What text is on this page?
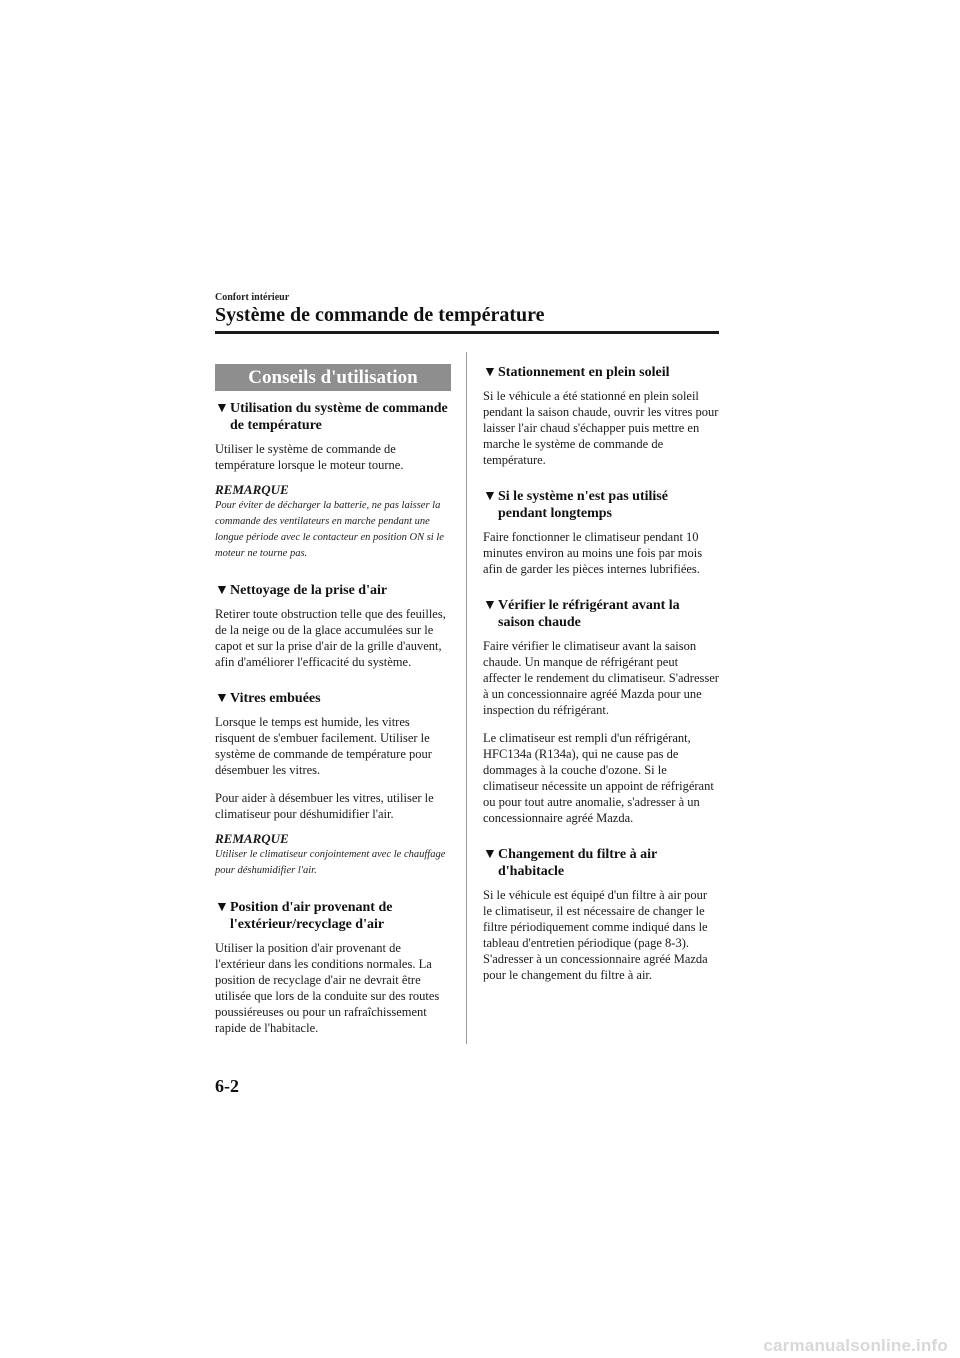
Confort intérieur
Système de commande de température
Conseils d'utilisation
▼ Utilisation du système de commande de température

Utiliser le système de commande de température lorsque le moteur tourne.

REMARQUE

Pour éviter de décharger la batterie, ne pas laisser la commande des ventilateurs en marche pendant une longue période avec le contacteur en position ON si le moteur ne tourne pas.

▼ Nettoyage de la prise d'air

Retirer toute obstruction telle que des feuilles, de la neige ou de la glace accumulées sur le capot et sur la prise d'air de la grille d'auvent, afin d'améliorer l'efficacité du système.

▼ Vitres embuées

Lorsque le temps est humide, les vitres risquent de s'embuer facilement. Utiliser le système de commande de température pour désembuer les vitres.

Pour aider à désembuer les vitres, utiliser le climatiseur pour déshumidifier l'air.

REMARQUE

Utiliser le climatiseur conjointement avec le chauffage pour déshumidifier l'air.

▼ Position d'air provenant de l'extérieur/recyclage d'air

Utiliser la position d'air provenant de l'extérieur dans les conditions normales. La position de recyclage d'air ne devrait être utilisée que lors de la conduite sur des routes poussiéreuses ou pour un rafraîchissement rapide de l'habitacle.

▼ Stationnement en plein soleil

Si le véhicule a été stationné en plein soleil pendant la saison chaude, ouvrir les vitres pour laisser l'air chaud s'échapper puis mettre en marche le système de commande de température.

▼ Si le système n'est pas utilisé pendant longtemps

Faire fonctionner le climatiseur pendant 10 minutes environ au moins une fois par mois afin de garder les pièces internes lubrifiées.

▼ Vérifier le réfrigérant avant la saison chaude

Faire vérifier le climatiseur avant la saison chaude. Un manque de réfrigérant peut affecter le rendement du climatiseur. S'adresser à un concessionnaire agréé Mazda pour une inspection du réfrigérant.

Le climatiseur est rempli d'un réfrigérant, HFC134a (R134a), qui ne cause pas de dommages à la couche d'ozone. Si le climatiseur nécessite un appoint de réfrigérant ou pour tout autre anomalie, s'adresser à un concessionnaire agréé Mazda.

▼ Changement du filtre à air d'habitacle

Si le véhicule est équipé d'un filtre à air pour le climatiseur, il est nécessaire de changer le filtre périodiquement comme indiqué dans le tableau d'entretien périodique (page 8-3). S'adresser à un concessionnaire agréé Mazda pour le changement du filtre à air.

6-2
carmanualsonline.info
